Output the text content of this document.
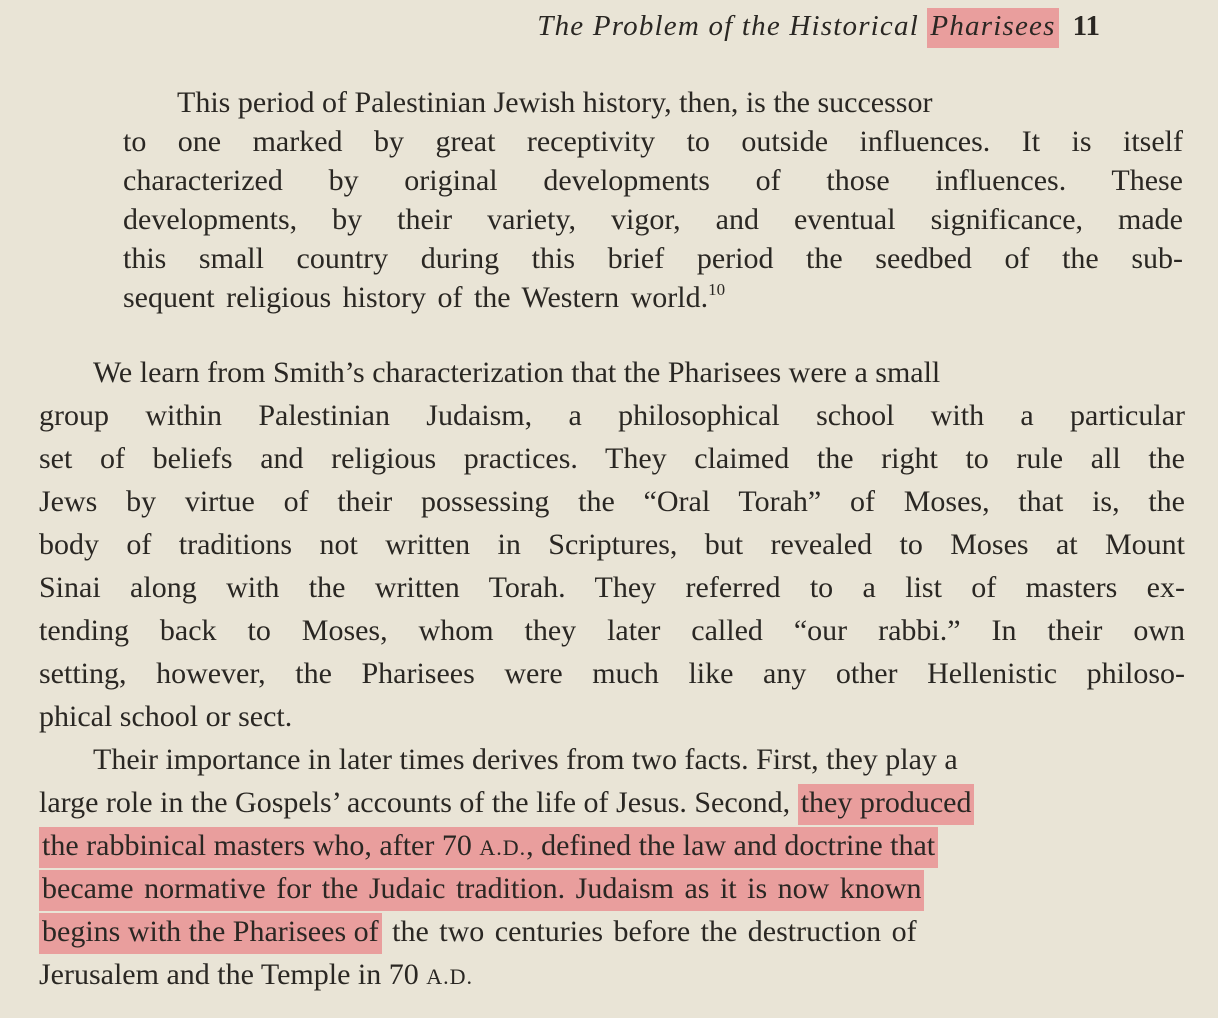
The Problem of the Historical Pharisees 11
This period of Palestinian Jewish history, then, is the successor
to one marked by great receptivity to outside influences. It is itself
characterized by original developments of those influences. These
developments, by their variety, vigor, and eventual significance, made
this small country during this brief period the seedbed of the sub-
sequent religious history of the Western world.$^{10}$
We learn from Smith’s characterization that the Pharisees were a small
group within Palestinian Judaism, a philosophical school with a particular
set of beliefs and religious practices. They claimed the right to rule all the
Jews by virtue of their possessing the “Oral Torah” of Moses, that is, the
body of traditions not written in Scriptures, but revealed to Moses at Mount
Sinai along with the written Torah. They referred to a list of masters ex-
tending back to Moses, whom they later called “our rabbi.” In their own
setting, however, the Pharisees were much like any other Hellenistic philoso-
phical school or sect.
Their importance in later times derives from two facts. First, they play a
large role in the Gospels’ accounts of the life of Jesus. Second, they produced
the rabbinical masters who, after 70 A.D., defined the law and doctrine that
became normative for the Judaic tradition. Judaism as it is now known
begins with the Pharisees of the two centuries before the destruction of
Jerusalem and the Temple in 70 A.D.
